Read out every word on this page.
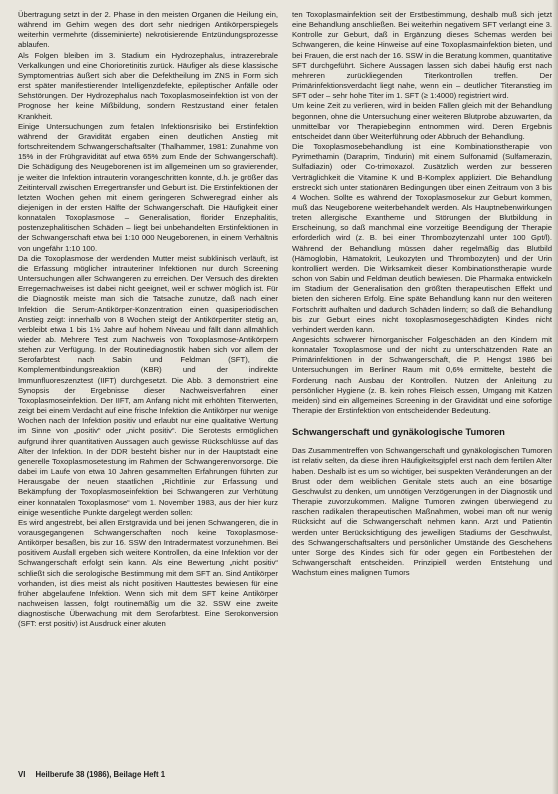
Übertragung setzt in der 2. Phase in den meisten Organen die Heilung ein, während im Gehirn wegen des dort sehr niedrigen Antikörperspiegels weiterhin vermehrte (disseminierte) nekrotisierende Entzündungsprozesse ablaufen.

Als Folgen bleiben im 3. Stadium ein Hydrozephalus, intrazerebrale Verkalkungen und eine Chorioretinitis zurück. Häufiger als diese klassische Symptomentrias äußert sich aber die Defektheilung im ZNS in Form sich erst später manifestierender Intelligenzdefekte, epileptischer Anfälle oder Sehstörungen. Der Hydrozephalus nach Toxoplasmoseinfektion ist von der Prognose her keine Mißbildung, sondern Restzustand einer fetalen Krankheit.

Einige Untersuchungen zum fetalen Infektionsrisiko bei Erstinfektion während der Gravidität ergaben einen deutlichen Anstieg mit fortschreitendem Schwangerschaftsalter (Thalhammer, 1981: Zunahme von 15% in der Frühgravidität auf etwa 65% zum Ende der Schwangerschaft). Die Schädigung des Neugeborenen ist im allgemeinen um so gravierender, je weiter die Infektion intrauterin vorangeschritten konnte, d.h. je größer das Zeitintervall zwischen Erregertransfer und Geburt ist. Die Erstinfektionen der letzten Wochen gehen mit einem geringeren Schweregrad einher als diejenigen in der ersten Hälfte der Schwangerschaft. Die Häufigkeit einer konnatalen Toxoplasmose – Generalisation, florider Enzephalitis, postenzephalitischen Schäden – liegt bei unbehandelten Erstinfektionen in der Schwangerschaft etwa bei 1:10 000 Neugeborenen, in einem Verhältnis von ungefähr 1:10 100.

Da die Toxoplasmose der werdenden Mutter meist subklinisch verläuft, ist die Erfassung möglicher intrauteriner Infektionen nur durch Screening Untersuchungen aller Schwangeren zu erreichen. Der Versuch des direkten Erregernachweises ist dabei nicht geeignet, weil er schwer möglich ist. Für die Diagnostik meiste man sich die Tatsache zunutze, daß nach einer Infektion die Serum-Antikörper-Konzentration einen quasiperiodischen Anstieg zeigt: innerhalb von 8 Wochen steigt der Antikörpertiter stetig an, verbleibt etwa 1 bis 1½ Jahre auf hohem Niveau und fällt dann allmählich wieder ab. Mehrere Test zum Nachweis von Toxoplasmose-Antikörpern stehen zur Verfügung. In der Routinediagnostik haben sich vor allem der Serofarbtest nach Sabin und Feldman (SFT), die Komplementbindungsreaktion (KBR) und der indirekte Immunfluoreszenztest (IIFT) durchgesetzt. Die Abb. 3 demonstriert eine Synopsis der Ergebnisse dieser Nachweisverfahren einer Toxoplasmoseinfektion. Der IIFT, am Anfang nicht mit erhöhten Titerwerten, zeigt bei einem Verdacht auf eine frische Infektion die Antikörper nur wenige Wochen nach der Infektion positiv und erlaubt nur eine qualitative Wertung im Sinne von „positiv“ oder „nicht positiv“. Die Serotests ermöglichen aufgrund ihrer quantitativen Aussagen auch gewisse Rückschlüsse auf das Alter der Infektion. In der DDR besteht bisher nur in der Hauptstadt eine generelle Toxoplasmosetestung im Rahmen der Schwangerenvorsorge. Die dabei im Laufe von etwa 10 Jahren gesammelten Erfahrungen führten zur Herausgabe der neuen staatlichen „Richtlinie zur Erfassung und Bekämpfung der Toxoplasmoseinfektion bei Schwangeren zur Verhütung einer konnatalen Toxoplasmose“ vom 1. November 1983, aus der hier kurz einige wesentliche Punkte dargelegt werden sollen:

Es wird angestrebt, bei allen Erstgravida und bei jenen Schwangeren, die in vorausgegangenen Schwangerschaften noch keine Toxoplasmose-Antikörper besaßen, bis zur 16. SSW den Intradermatest vorzunehmen. Bei positivem Ausfall ergeben sich weitere Kontrollen, da eine Infektion vor der Schwangerschaft erfolgt sein kann. Als eine Bewertung „nicht positiv“ schließt sich die serologische Bestimmung mit dem SFT an. Sind Antikörper vorhanden, ist dies meist als nicht positiven Hauttestes bewiesen für eine früher abgelaufene Infektion. Wenn sich mit dem SFT keine Antikörper nachweisen lassen, folgt routinemäßig um die 32. SSW eine zweite diagnostische Überwachung mit dem Serofarbtest. Eine Serokonversion (SFT: erst positiv) ist Ausdruck einer akuten

ten Toxoplasmainfektion seit der Erstbestimmung, deshalb muß sich jetzt eine Behandlung anschließen. Bei weiterhin negativem SFT verlangt eine 3. Kontrolle zur Geburt, daß in Ergänzung dieses Schemas werden bei Schwangeren, die keine Hinweise auf eine Toxoplasmainfektion bieten, und bei Frauen, die erst nach der 16. SSW in die Beratung kommen, quantitative SFT durchgeführt. Sichere Aussagen lassen sich dabei häufig erst nach mehreren zurückliegenden Titerkontrollen treffen. Der Primärinfektionsverdacht liegt nahe, wenn ein – deutlicher Titeranstieg im SFT oder – sehr hohe Titer im 1. SFT (≥ 1:4000) registriert wird.

Um keine Zeit zu verlieren, wird in beiden Fällen gleich mit der Behandlung begonnen, ohne die Untersuchung einer weiteren Blutprobe abzuwarten, da unmittelbar vor Therapiebeginn entnommen wird. Deren Ergebnis entscheidet dann über Weiterführung oder Abbruch der Behandlung.

Die Toxoplasmosebehandlung ist eine Kombinationstherapie von Pyrimethamin (Daraprim, Tindurin) mit einem Sulfonamid (Sulfamerazin, Sulfadiazin) oder Co-trimoxazol. Zusätzlich werden zur besseren Verträglichkeit die Vitamine K und B-Komplex appliziert. Die Behandlung erstreckt sich unter stationären Bedingungen über einen Zeitraum von 3 bis 4 Wochen. Sollte es während der Toxoplasmosekur zur Geburt kommen, muß das Neugeborene weiterbehandelt werden. Als Hauptnebenwirkungen treten allergische Exantheme und Störungen der Blutbildung in Erscheinung, so daß manchmal eine vorzeitige Beendigung der Therapie erforderlich wird (z. B. bei einer Thrombozytenzahl unter 100 Gpt/l). Während der Behandlung müssen daher regelmäßig das Blutbild (Hämoglobin, Hämatokrit, Leukozyten und Thrombozyten) und der Urin kontrolliert werden. Die Wirksamkeit dieser Kombinationstherapie wurde schon von Sabin und Feldman deutlich bewiesen. Die Pharmaka entwickeln im Stadium der Generalisation den größten therapeutischen Effekt und bieten den sicheren Erfolg. Eine späte Behandlung kann nur den weiteren Fortschritt aufhalten und dadurch Schäden lindern; so daß die Behandlung bis zur Geburt eines nicht toxoplasmosegeschädigten Kindes nicht verhindert werden kann.

Angesichts schwerer hirnorganischer Folgeschäden an den Kindern mit konnataler Toxoplasmose und der nicht zu unterschätzenden Rate an Primärinfektionen in der Schwangerschaft, die P. Hengst 1986 bei Untersuchungen im Berliner Raum mit 0,6% ermittelte, besteht die Forderung nach Ausbau der Kontrollen. Nutzen der Anleitung zu persönlicher Hygiene (z. B. kein rohes Fleisch essen, Umgang mit Katzen meiden) sind ein allgemeines Screening in der Gravidität und eine sofortige Therapie der Erstinfektion von entscheidender Bedeutung.

Schwangerschaft und gynäkologische Tumoren

Das Zusammentreffen von Schwangerschaft und gynäkologischen Tumoren ist relativ selten, da diese ihren Häufigkeitsgipfel erst nach dem fertilen Alter haben. Deshalb ist es um so wichtiger, bei suspekten Veränderungen an der Brust oder dem weiblichen Genitale stets auch an eine bösartige Geschwulst zu denken, um unnötigen Verzögerungen in der Diagnostik und Therapie zuvorzukommen. Maligne Tumoren zwingen überwiegend zu raschen radikalen therapeutischen Maßnahmen, wobei man oft nur wenig Rücksicht auf die Schwangerschaft nehmen kann. Arzt und Patientin werden unter Berücksichtigung des jeweiligen Stadiums der Geschwulst, des Schwangerschaftsalters und persönlicher Umstände des Geschehens unter Sorge des Kindes sich für oder gegen ein Fortbestehen der Schwangerschaft entscheiden. Prinzipiell werden Entstehung und Wachstum eines malignen Tumors

VI Heilberufe 38 (1986), Beilage Heft 1
